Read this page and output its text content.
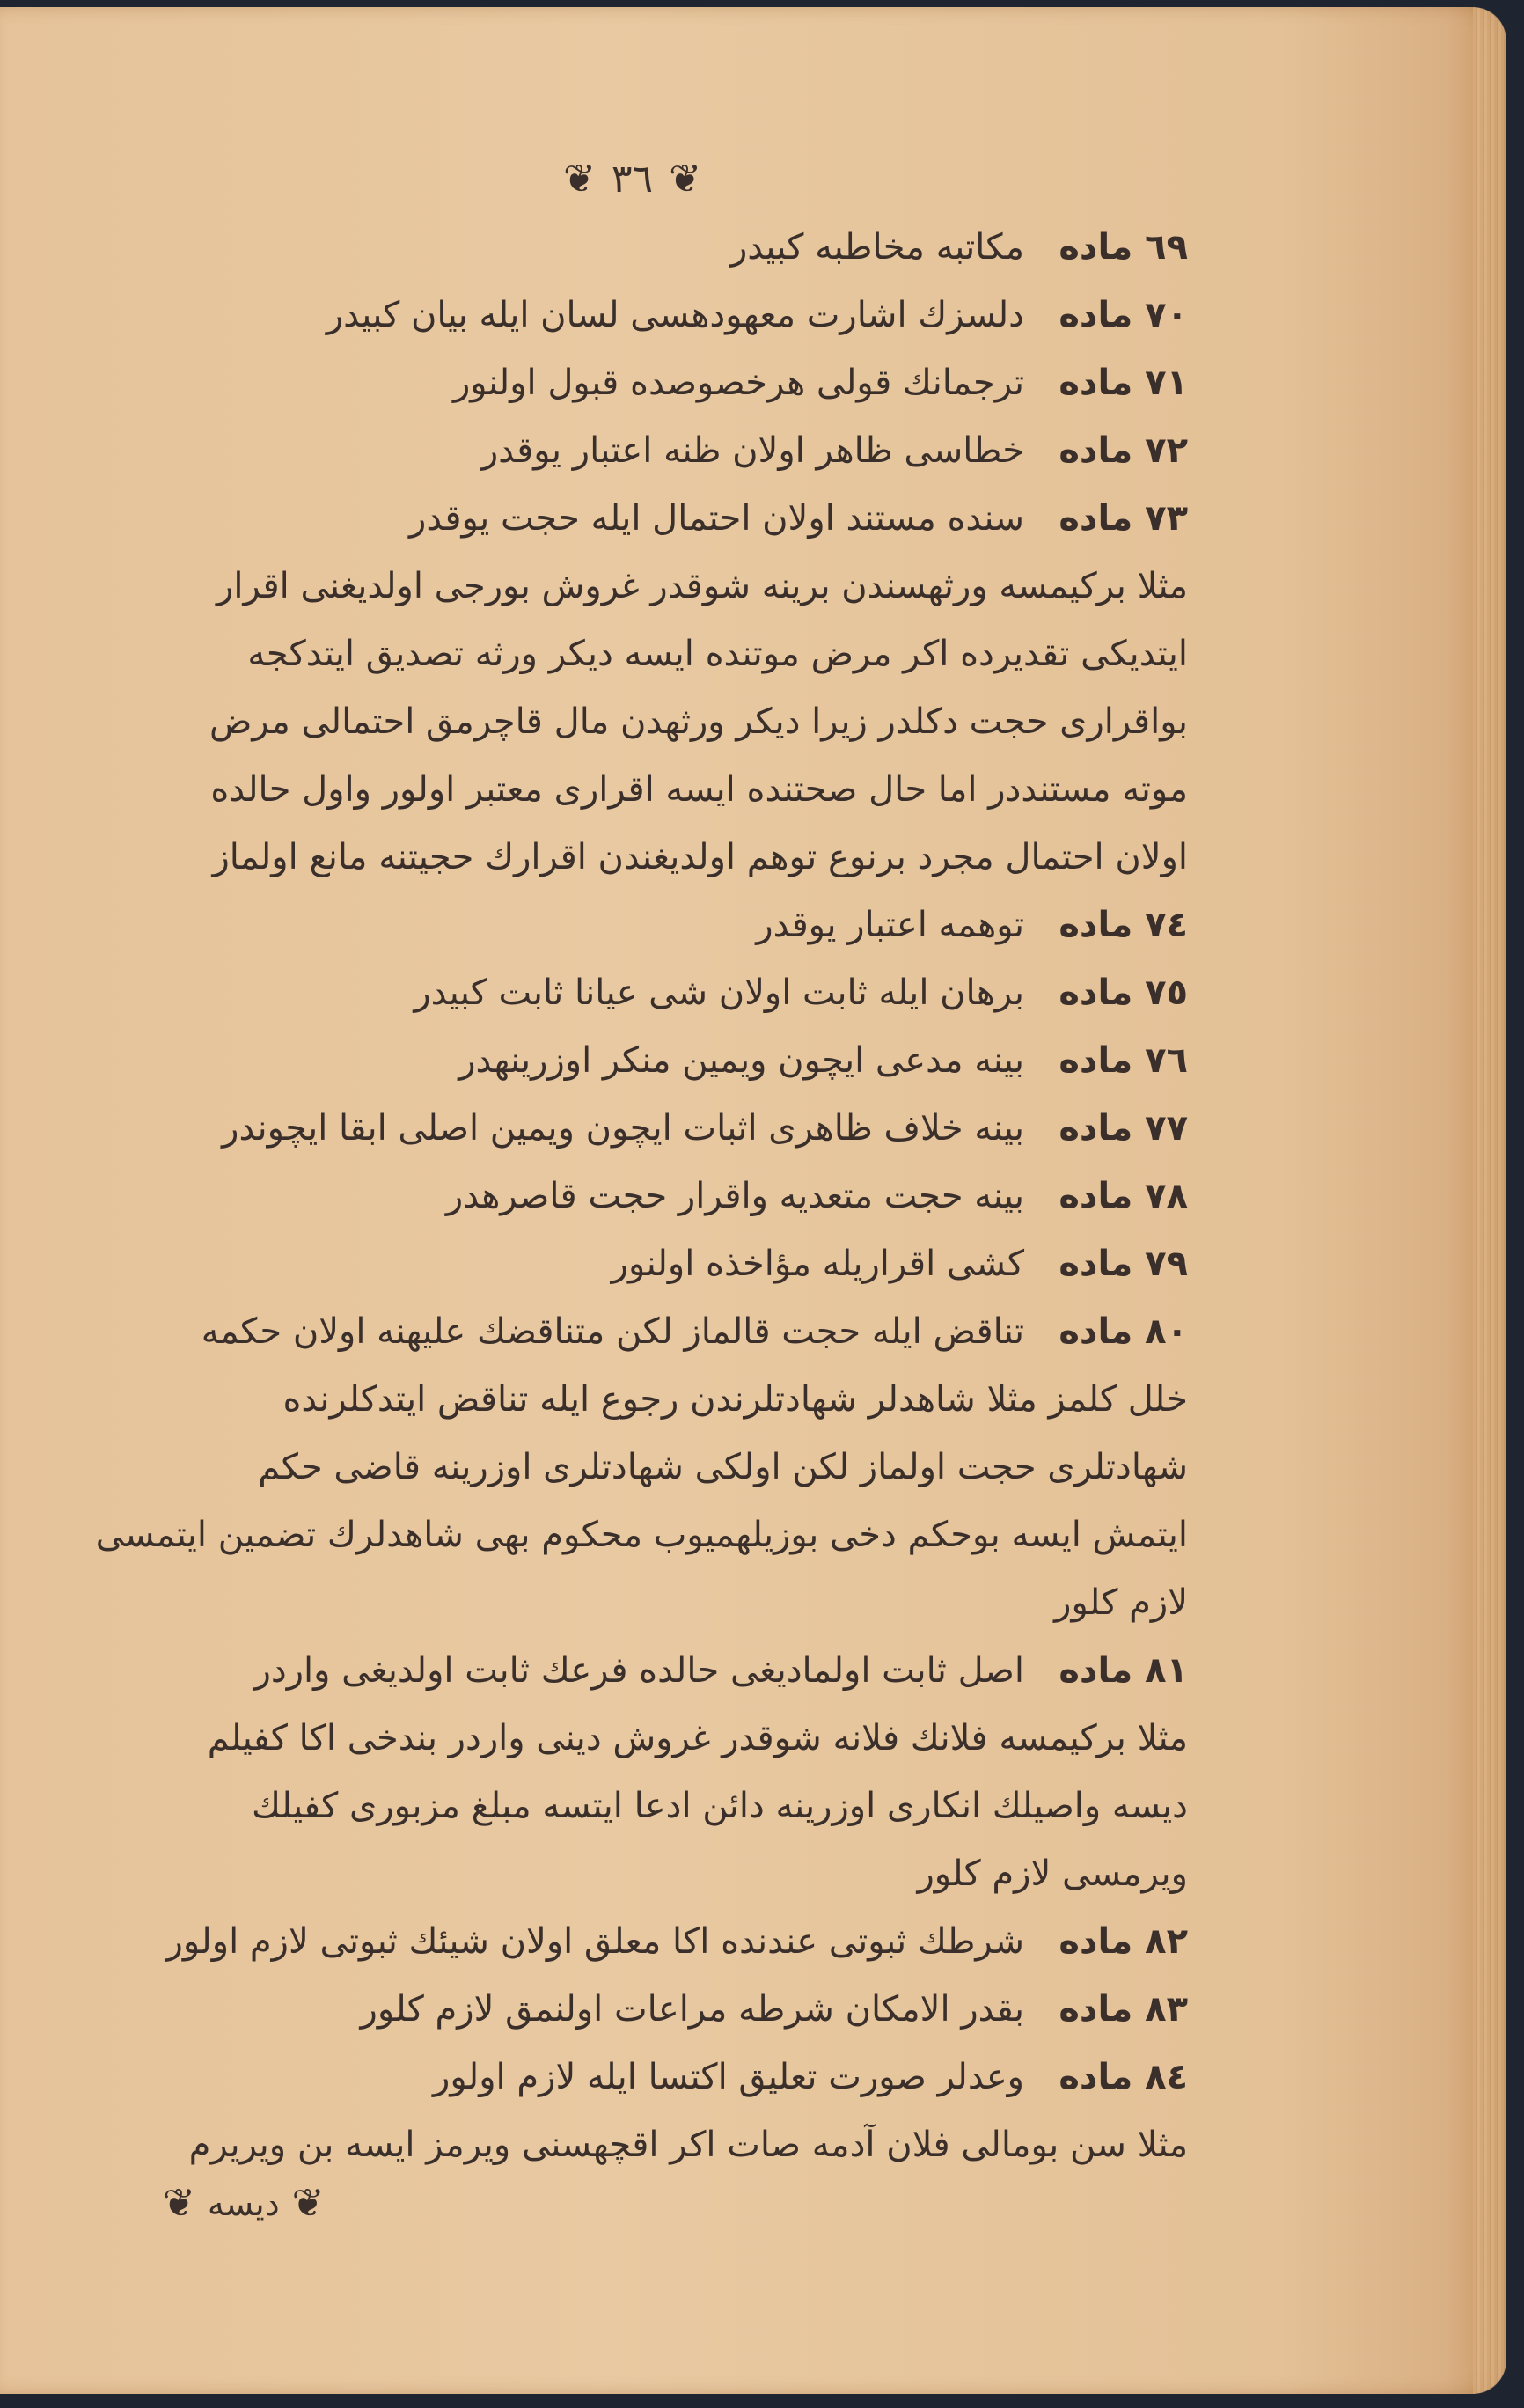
❦ ٣٦ ❦
٦٩ ماده
مكاتبه مخاطبه كبيدر
٧٠ ماده
دلسزك اشارت معهودهسی لسان ايله بيان كبيدر
٧١ ماده
ترجمانك قولی هرخصوصده قبول اولنور
٧٢ ماده
خطاسی ظاهر اولان ظنه اعتبار يوقدر
٧٣ ماده
سنده مستند اولان احتمال ايله حجت يوقدر
مثلا بركيمسه ورثهسندن برينه شوقدر غروش بورجی اولديغنی اقرار
ايتديكی تقديرده اكر مرض موتنده ايسه ديكر ورثه تصديق ايتدكجه
بواقراری حجت دكلدر زيرا ديكر ورثهدن مال قاچرمق احتمالی مرض
موته مستنددر اما حال صحتنده ايسه اقراری معتبر اولور واول حالده
اولان احتمال مجرد برنوع توهم اولديغندن اقرارك حجيتنه مانع اولماز
٧٤ ماده
توهمه اعتبار يوقدر
٧٥ ماده
برهان ايله ثابت اولان شی عيانا ثابت كبيدر
٧٦ ماده
بينه مدعی ايچون ويمين منكر اوزرينهدر
٧٧ ماده
بينه خلاف ظاهری اثبات ايچون ويمين اصلی ابقا ايچوندر
٧٨ ماده
بينه حجت متعديه واقرار حجت قاصرهدر
٧٩ ماده
كشی اقراريله مؤاخذه اولنور
٨٠ ماده
تناقض ايله حجت قالماز لكن متناقضك عليهنه اولان حكمه
خلل كلمز مثلا شاهدلر شهادتلرندن رجوع ايله تناقض ايتدكلرنده
شهادتلری حجت اولماز لكن اولكی شهادتلری اوزرينه قاضی حكم
ايتمش ايسه بوحكم دخی بوزيلهميوب محكوم بهی شاهدلرك تضمين ايتمسی
لازم كلور
٨١ ماده
اصل ثابت اولماديغی حالده فرعك ثابت اولديغی واردر
مثلا بركيمسه فلانك فلانه شوقدر غروش دينی واردر بندخی اكا كفيلم
ديسه واصيلك انكاری اوزرينه دائن ادعا ايتسه مبلغ مزبوری كفيلك
ويرمسی لازم كلور
٨٢ ماده
شرطك ثبوتی عندنده اكا معلق اولان شيئك ثبوتی لازم اولور
٨٣ ماده
بقدر الامكان شرطه مراعات اولنمق لازم كلور
٨٤ ماده
وعدلر صورت تعليق اكتسا ايله لازم اولور
مثلا سن بومالی فلان آدمه صات اكر اقچهسنی ويرمز ايسه بن ويريرم
❦ ديسه ❦
